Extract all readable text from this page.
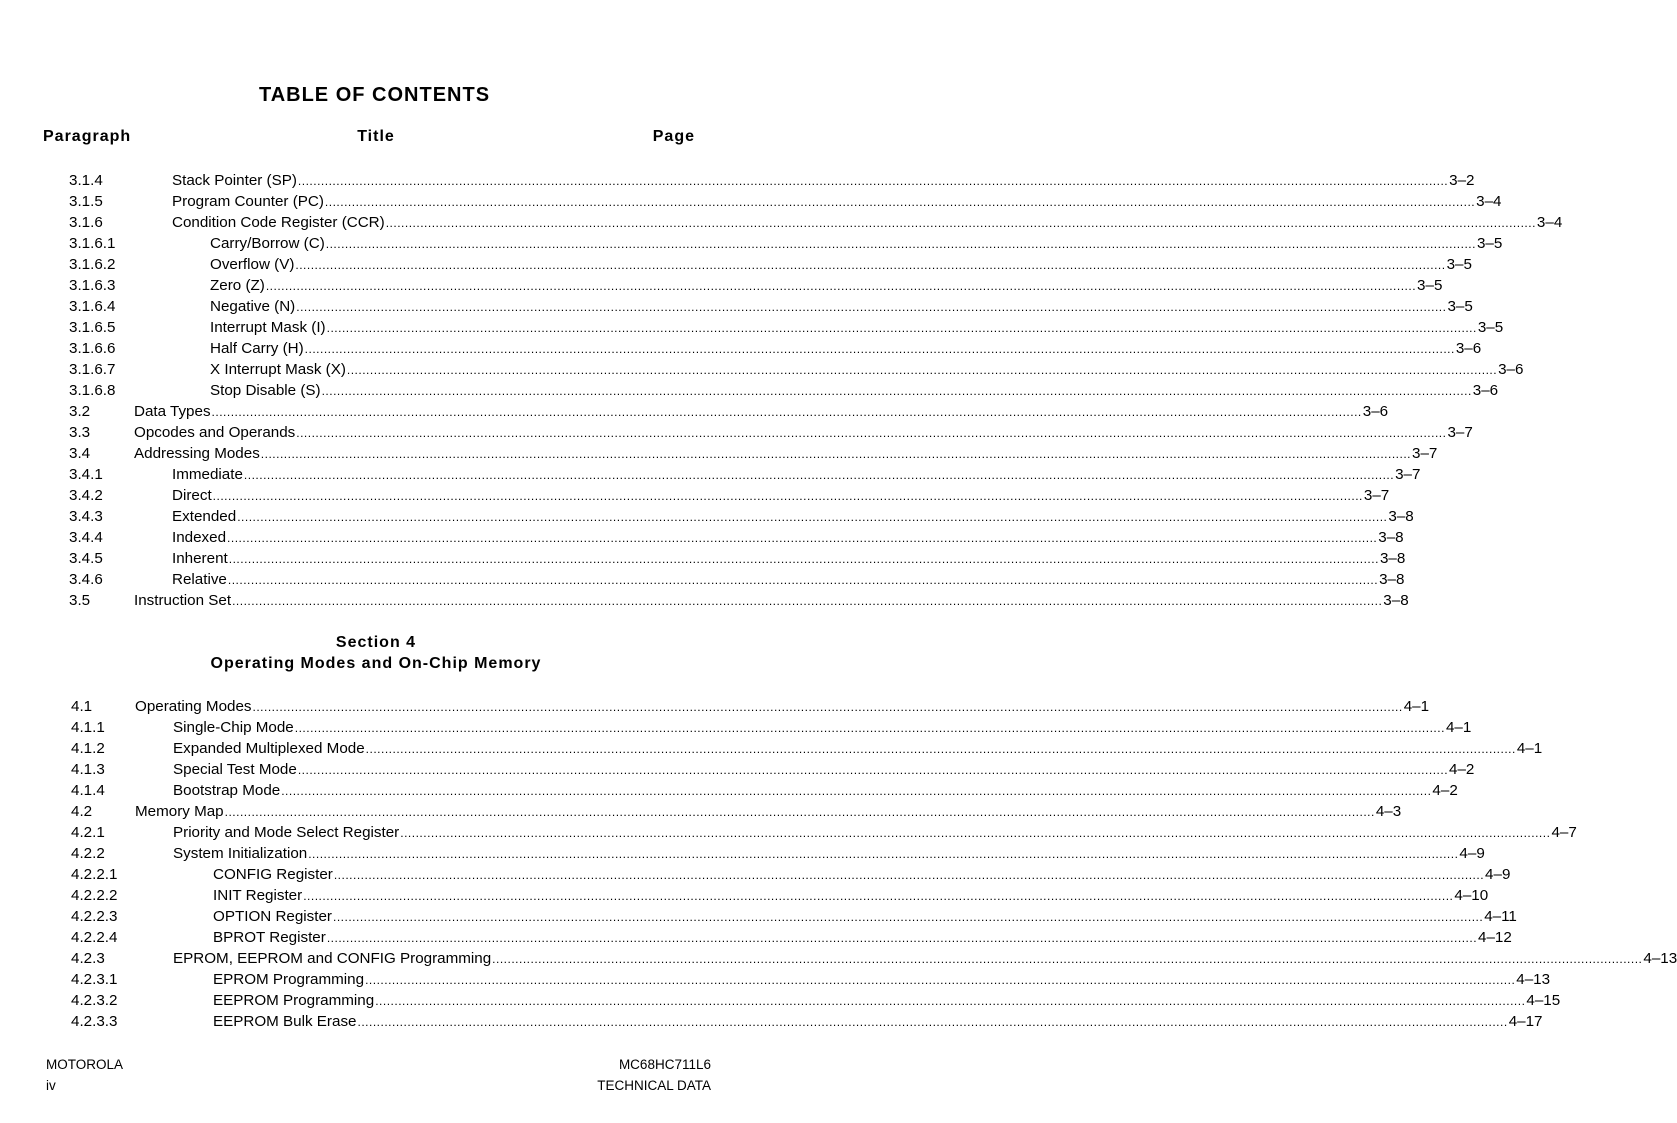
TABLE OF CONTENTS
Paragraph	Title	Page
3.1.4	Stack Pointer (SP) ............................................................................................................................................................................................................................................................................................................ 3–2
3.1.5	Program Counter (PC) ............................................................................................................................................................................................................................................................................................................ 3–4
3.1.6	Condition Code Register (CCR) ............................................................................................................................................................................................................................................................................................................ 3–4
3.1.6.1	Carry/Borrow (C) ............................................................................................................................................................................................................................................................................................................ 3–5
3.1.6.2	Overflow (V) ............................................................................................................................................................................................................................................................................................................ 3–5
3.1.6.3	Zero (Z) ............................................................................................................................................................................................................................................................................................................ 3–5
3.1.6.4	Negative (N) ............................................................................................................................................................................................................................................................................................................ 3–5
3.1.6.5	Interrupt Mask (I) ............................................................................................................................................................................................................................................................................................................ 3–5
3.1.6.6	Half Carry (H) ............................................................................................................................................................................................................................................................................................................ 3–6
3.1.6.7	X Interrupt Mask (X) ............................................................................................................................................................................................................................................................................................................ 3–6
3.1.6.8	Stop Disable (S) ............................................................................................................................................................................................................................................................................................................ 3–6
3.2	Data Types ............................................................................................................................................................................................................................................................................................................ 3–6
3.3	Opcodes and Operands ............................................................................................................................................................................................................................................................................................................ 3–7
3.4	Addressing Modes ............................................................................................................................................................................................................................................................................................................ 3–7
3.4.1	Immediate ............................................................................................................................................................................................................................................................................................................ 3–7
3.4.2	Direct ............................................................................................................................................................................................................................................................................................................ 3–7
3.4.3	Extended ............................................................................................................................................................................................................................................................................................................ 3–8
3.4.4	Indexed ............................................................................................................................................................................................................................................................................................................ 3–8
3.4.5	Inherent ............................................................................................................................................................................................................................................................................................................ 3–8
3.4.6	Relative ............................................................................................................................................................................................................................................................................................................ 3–8
3.5	Instruction Set ............................................................................................................................................................................................................................................................................................................ 3–8
Section 4
Operating Modes and On-Chip Memory
4.1	Operating Modes ............................................................................................................................................................................................................................................................................................................ 4–1
4.1.1	Single-Chip Mode ............................................................................................................................................................................................................................................................................................................ 4–1
4.1.2	Expanded Multiplexed Mode ............................................................................................................................................................................................................................................................................................................ 4–1
4.1.3	Special Test Mode ............................................................................................................................................................................................................................................................................................................ 4–2
4.1.4	Bootstrap Mode ............................................................................................................................................................................................................................................................................................................ 4–2
4.2	Memory Map ............................................................................................................................................................................................................................................................................................................ 4–3
4.2.1	Priority and Mode Select Register ............................................................................................................................................................................................................................................................................................................ 4–7
4.2.2	System Initialization ............................................................................................................................................................................................................................................................................................................ 4–9
4.2.2.1	CONFIG Register ............................................................................................................................................................................................................................................................................................................ 4–9
4.2.2.2	INIT Register ............................................................................................................................................................................................................................................................................................................ 4–10
4.2.2.3	OPTION Register ............................................................................................................................................................................................................................................................................................................ 4–11
4.2.2.4	BPROT Register ............................................................................................................................................................................................................................................................................................................ 4–12
4.2.3	EPROM, EEPROM and CONFIG Programming ............................................................................................................................................................................................................................................................................................................ 4–13
4.2.3.1	EPROM Programming ............................................................................................................................................................................................................................................................................................................ 4–13
4.2.3.2	EEPROM Programming ............................................................................................................................................................................................................................................................................................................ 4–15
4.2.3.3	EEPROM Bulk Erase ............................................................................................................................................................................................................................................................................................................ 4–17
MOTOROLA
iv
MC68HC711L6
TECHNICAL DATA
